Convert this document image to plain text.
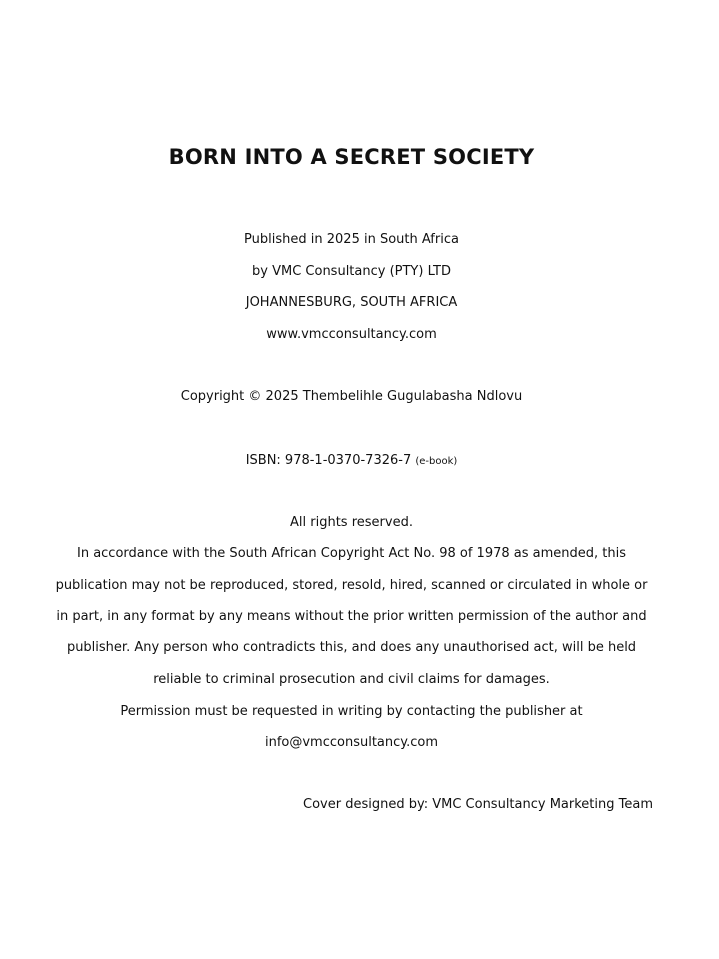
BORN INTO A SECRET SOCIETY

Published in 2025 in South Africa

by VMC Consultancy (PTY) LTD

JOHANNESBURG, SOUTH AFRICA

www.vmcconsultancy.com

Copyright © 2025 Thembelihle Gugulabasha Ndlovu

ISBN: 978-1-0370-7326-7 (e-book)

All rights reserved.

In accordance with the South African Copyright Act No. 98 of 1978 as amended, this

publication may not be reproduced, stored, resold, hired, scanned or circulated in whole or

in part, in any format by any means without the prior written permission of the author and

publisher. Any person who contradicts this, and does any unauthorised act, will be held

reliable to criminal prosecution and civil claims for damages.

Permission must be requested in writing by contacting the publisher at

info@vmcconsultancy.com

Cover designed by: VMC Consultancy Marketing Team
